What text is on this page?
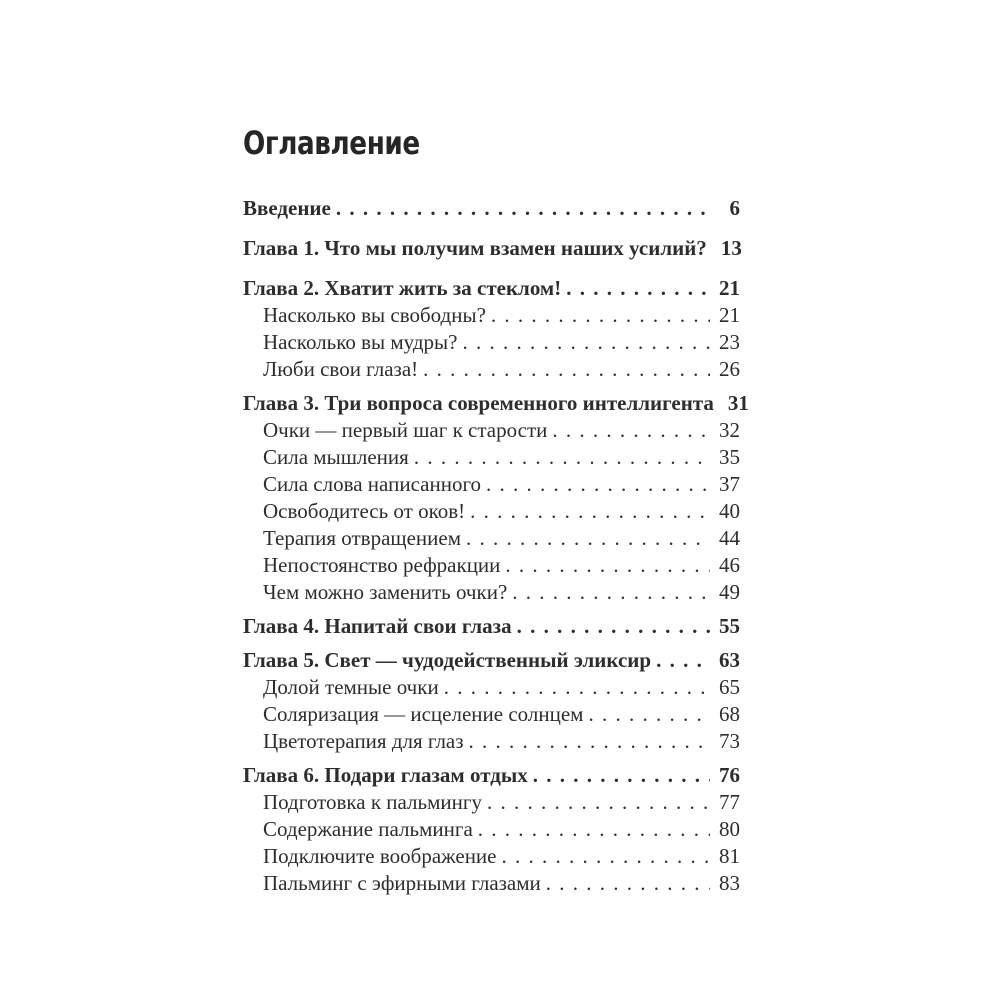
Оглавление
Введение . . .	6
Глава 1. Что мы получим взамен наших усилий? 13
Глава 2. Хватит жить за стеклом! . . .	21
Насколько вы свободны? . . .	21
Насколько вы мудры? . . .	23
Люби свои глаза! . . .	26
Глава 3. Три вопроса современного интеллигента 31
Очки — первый шаг к старости . . .	32
Сила мышления . . .	35
Сила слова написанного . . .	37
Освободитесь от оков! . . .	40
Терапия отвращением . . .	44
Непостоянство рефракции . . .	46
Чем можно заменить очки? . . .	49
Глава 4. Напитай свои глаза . . .	55
Глава 5. Свет — чудодейственный эликсир . . .	63
Долой темные очки . . .	65
Соляризация — исцеление солнцем . . .	68
Цветотерапия для глаз . . .	73
Глава 6. Подари глазам отдых . . .	76
Подготовка к пальмингу . . .	77
Содержание пальминга . . .	80
Подключите воображение . . .	81
Пальминг с эфирными глазами . . .	83
